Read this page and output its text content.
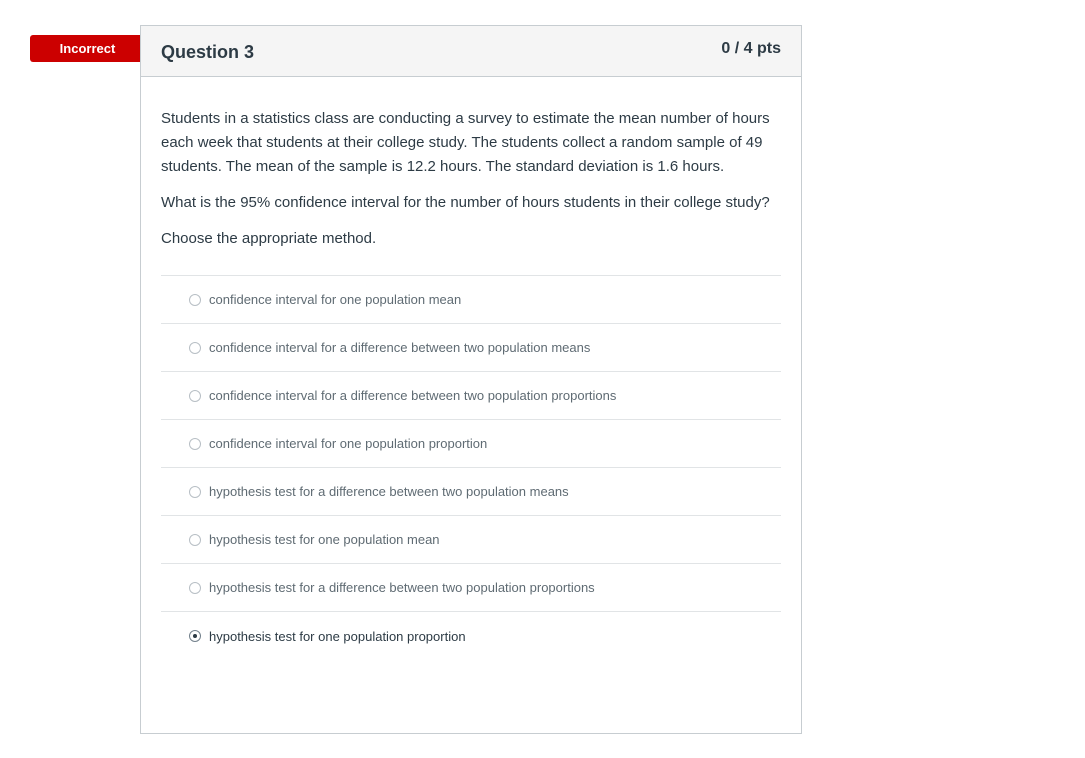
Incorrect	Question 3	0 / 4 pts

Students in a statistics class are conducting a survey to estimate the mean number of hours each week that students at their college study. The students collect a random sample of 49 students. The mean of the sample is 12.2 hours. The standard deviation is 1.6 hours.

What is the 95% confidence interval for the number of hours students in their college study?

Choose the appropriate method.

confidence interval for one population mean
confidence interval for a difference between two population means
confidence interval for a difference between two population proportions
confidence interval for one population proportion
hypothesis test for a difference between two population means
hypothesis test for one population mean
hypothesis test for a difference between two population proportions
hypothesis test for one population proportion
